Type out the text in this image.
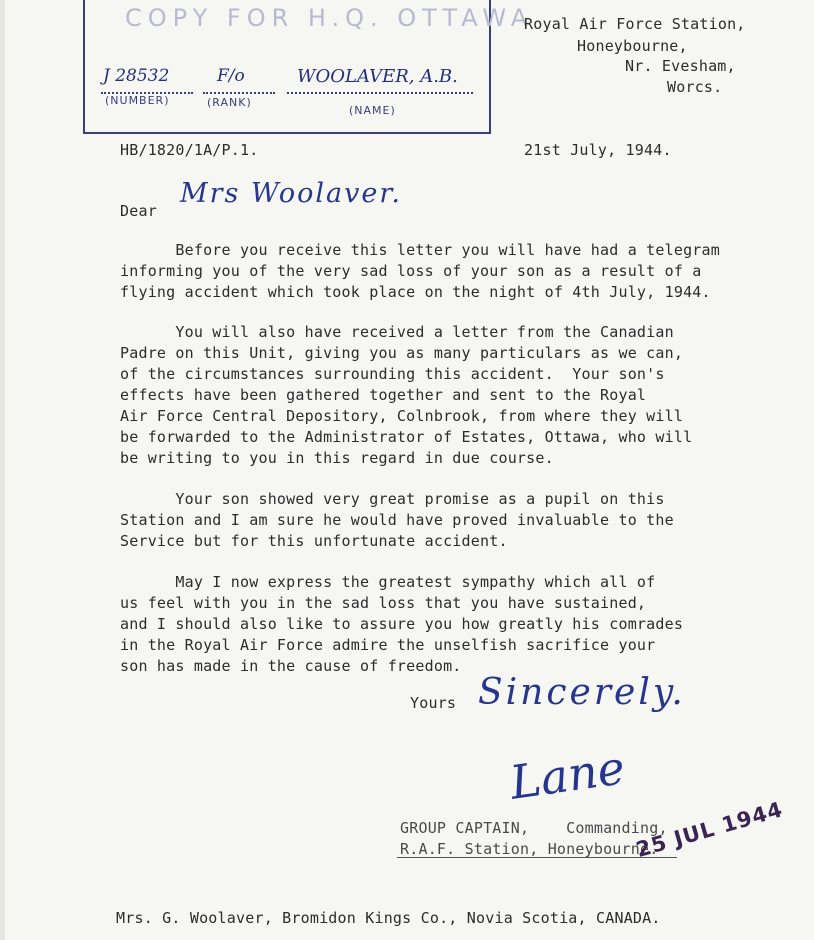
COPY FOR H.Q. OTTAWA
J 28532
(NUMBER)
F/o
(RANK)
WOOLAVER, A.B.
(NAME)
Royal Air Force Station,
Honeybourne,
Nr. Evesham,
Worcs.
HB/1820/1A/P.1.	21st July, 1944.
Dear
Mrs Woolaver.
Before you receive this letter you will have had a telegram
informing you of the very sad loss of your son as a result of a
flying accident which took place on the night of 4th July, 1944.
You will also have received a letter from the Canadian
Padre on this Unit, giving you as many particulars as we can,
of the circumstances surrounding this accident.  Your son's
effects have been gathered together and sent to the Royal
Air Force Central Depository, Colnbrook, from where they will
be forwarded to the Administrator of Estates, Ottawa, who will
be writing to you in this regard in due course.
Your son showed very great promise as a pupil on this
Station and I am sure he would have proved invaluable to the
Service but for this unfortunate accident.
May I now express the greatest sympathy which all of
us feel with you in the sad loss that you have sustained,
and I should also like to assure you how greatly his comrades
in the Royal Air Force admire the unselfish sacrifice your
son has made in the cause of freedom.
Yours Sincerely.
Lane
GROUP CAPTAIN,    Commanding,
R.A.F. Station, Honeybourne.
25 JUL 1944
Mrs. G. Woolaver, Bromidon Kings Co., Novia Scotia, CANADA.
